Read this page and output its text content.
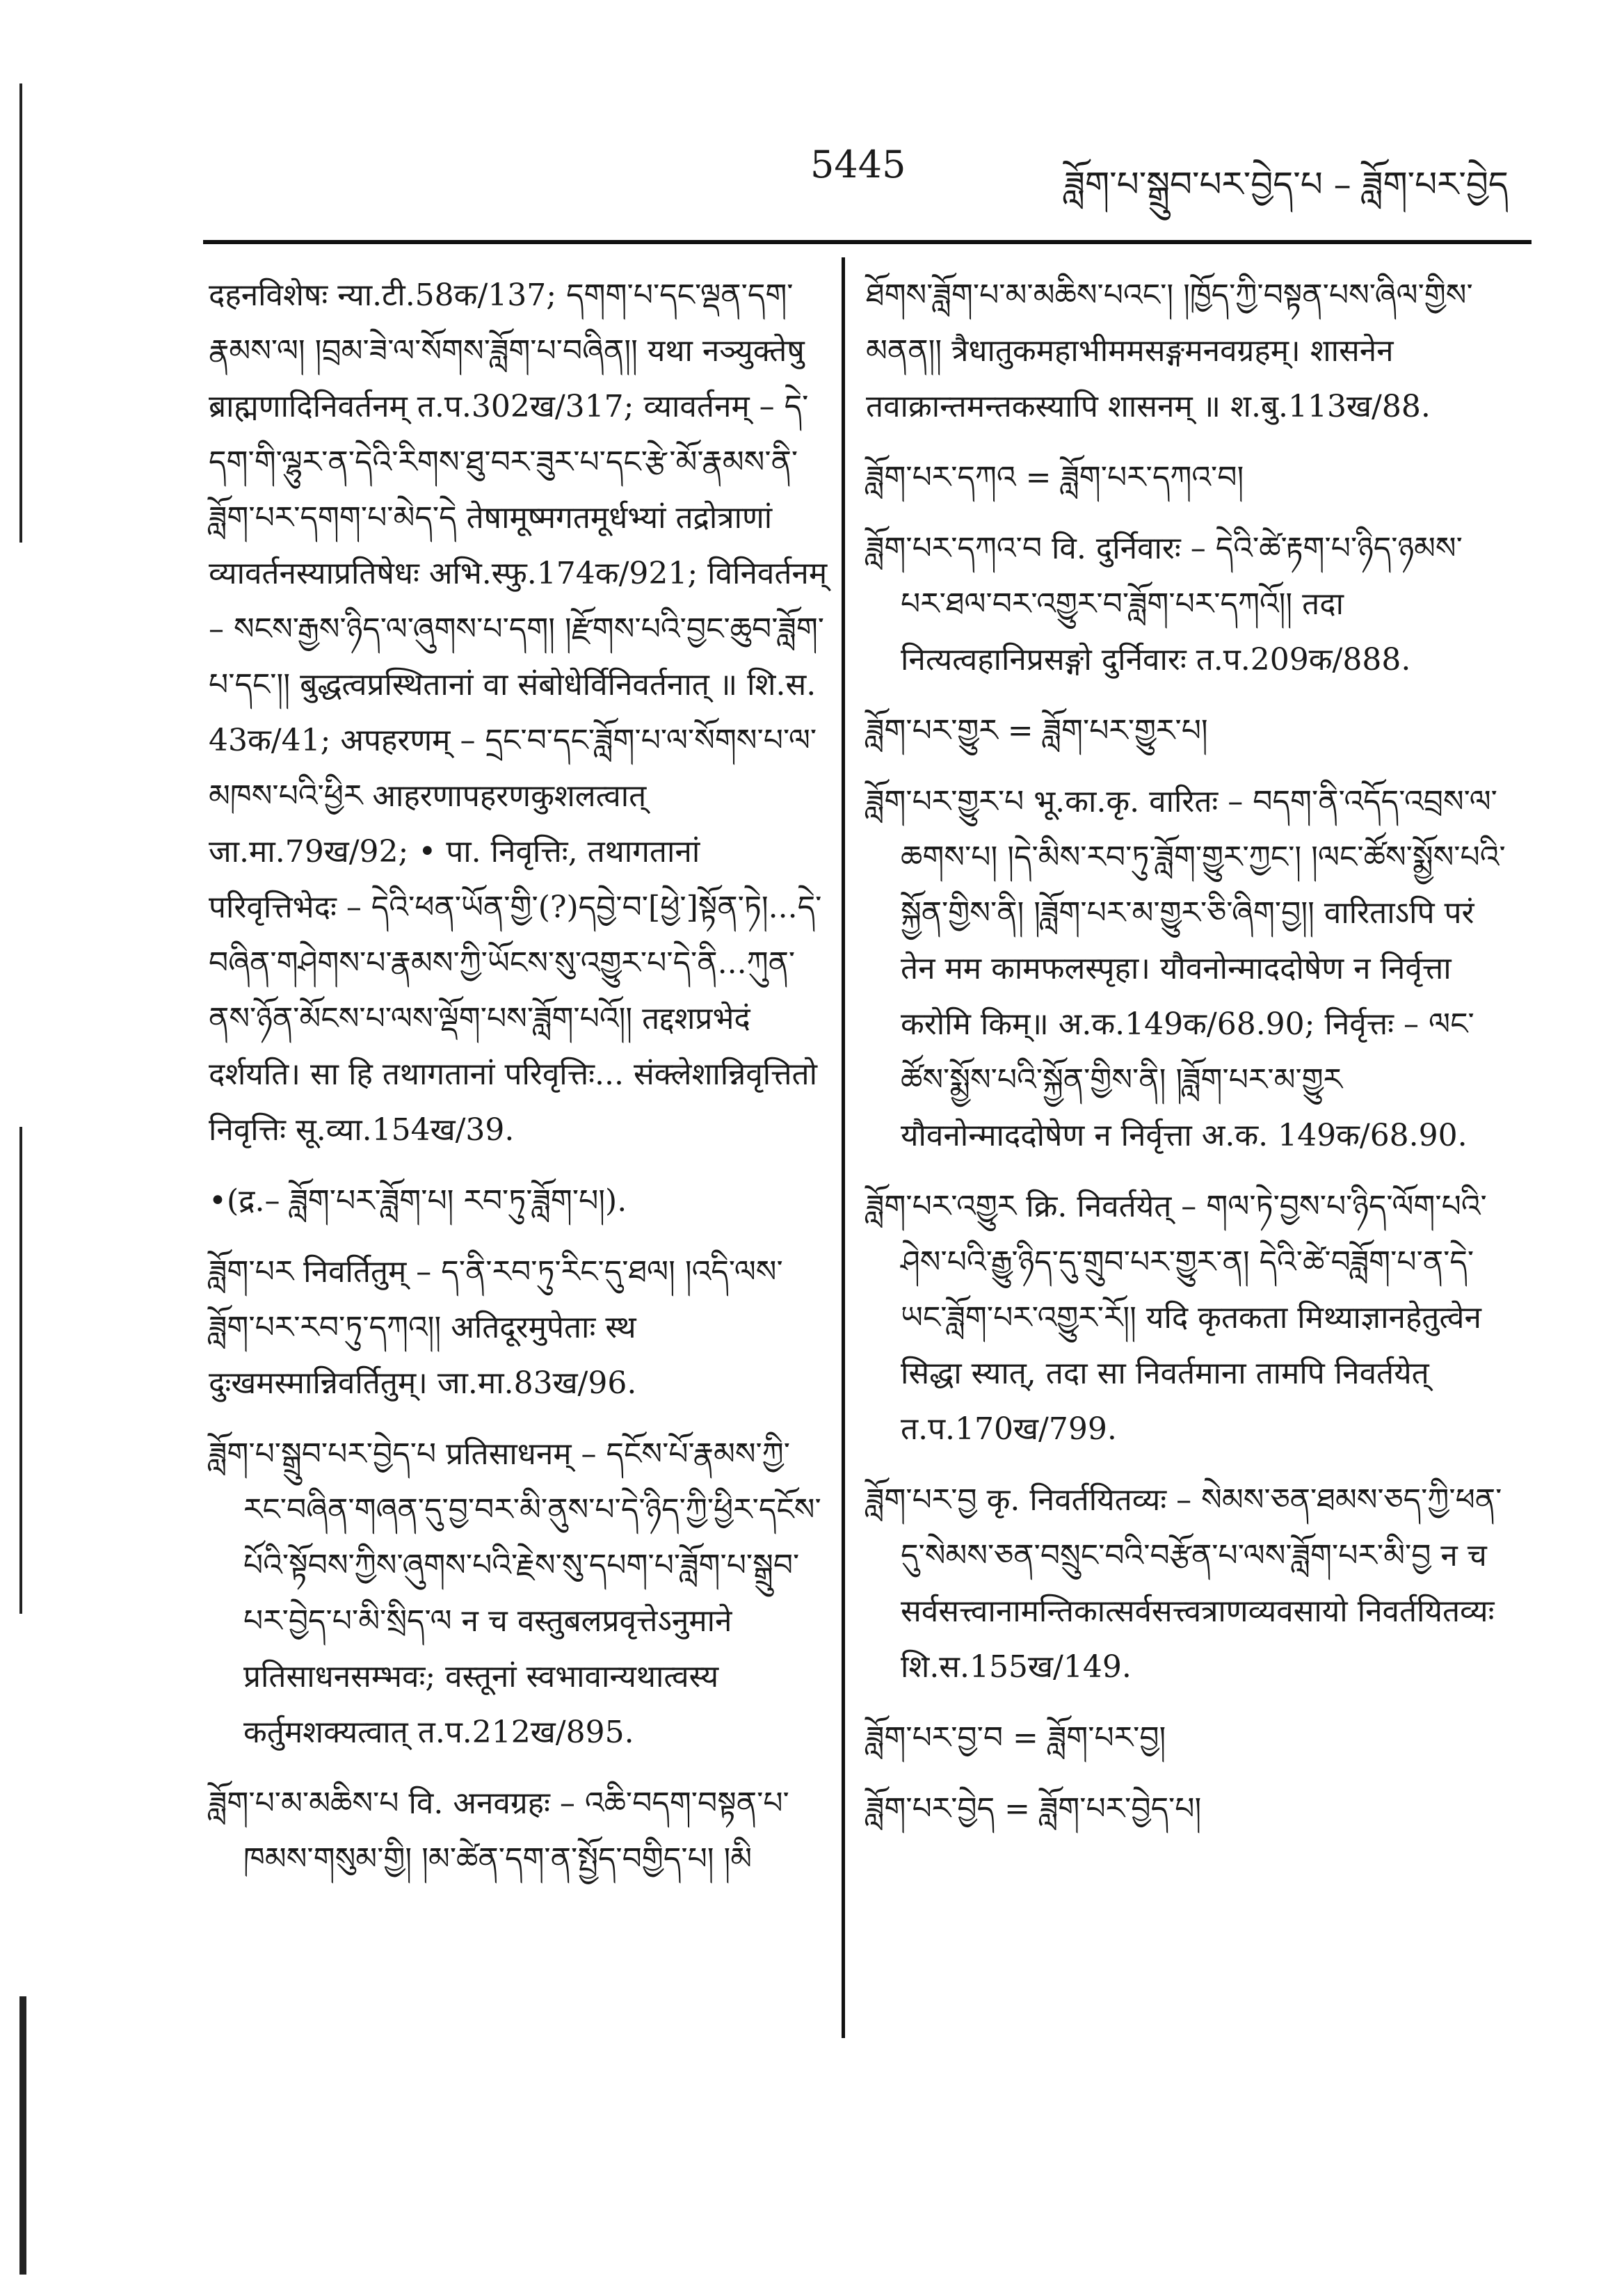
5445	ཟློག་པ་སྒྲུབ་པར་བྱེད་པ – ཟློག་པར་བྱེད

दहनविशेषः न्या.टी.58क/137; དགག་པ་དང་ལྡན་དག་རྣམས་ལ། །བྲམ་ཟེ་ལ་སོགས་ཟློག་པ་བཞིན།། यथा नञ्युक्तेषु ब्राह्मणादिनिवर्तनम् त.प.302ख/317; व्यावर्तनम् – དེ་དག་གི་ལྷུར་ན་དེའི་རིགས་ཐུ་བར་ཟུར་པ་དང་རྩེ་མོ་རྣམས་ནི་ཟློག་པར་དགག་པ་མེད་དེ तेषामूष्मगतमूर्धभ्यां तद्रोत्राणां व्यावर्तनस्याप्रतिषेधः अभि.स्फु.174क/921; विनिवर्तनम् – སངས་རྒྱས་ཉིད་ལ་ཞུགས་པ་དག། །རྫོགས་པའི་བྱང་ཆུབ་ཟློག་པ་དང་།། बुद्धत्वप्रस्थितानां वा संबोधेर्विनिवर्तनात् ॥ शि.स. 43क/41; अपहरणम् – དྲང་བ་དང་ཟློག་པ་ལ་སོགས་པ་ལ་མཁས་པའི་ཕྱིར आहरणापहरणकुशलत्वात् जा.मा.79ख/92; • पा. निवृत्तिः, तथागतानां परिवृत्तिभेदः – དེའི་ཕན་ཡོན་གྱི་(?)དབྱེ་བ་[ཕྱེ་]སྟོན་ཏེ།...དེ་བཞིན་གཤེགས་པ་རྣམས་ཀྱི་ཡོངས་སུ་འགྱུར་པ་དེ་ནི...ཀུན་ནས་ཉོན་མོངས་པ་ལས་ལྡོག་པས་ཟློག་པའོ།། तद्दशप्रभेदं दर्शयति। सा हि तथागतानां परिवृत्तिः... संक्लेशान्निवृत्तितो निवृत्तिः सू.व्या.154ख/39.

•(द्र.– ཟློག་པར་ཟློག་པ། རབ་ཏུ་ཟློག་པ།).

ཟློག་པར निवर्तितुम् – ད་ནི་རབ་ཏུ་རིང་དུ་ཐལ། །འདི་ལས་ཟློག་པར་རབ་ཏུ་དཀའ།། अतिदूरमुपेताः स्थ दुःखमस्मान्निवर्तितुम्। जा.मा.83ख/96.

ཟློག་པ་སྒྲུབ་པར་བྱེད་པ प्रतिसाधनम् – དངོས་པོ་རྣམས་ཀྱི་རང་བཞིན་གཞན་དུ་བྱ་བར་མི་ནུས་པ་དེ་ཉིད་ཀྱི་ཕྱིར་དངོས་པོའི་སྟོབས་ཀྱིས་ཞུགས་པའི་རྗེས་སུ་དཔག་པ་ཟློག་པ་སྒྲུབ་པར་བྱེད་པ་མི་སྲིད་ལ न च वस्तुबलप्रवृत्तेऽनुमाने प्रतिसाधनसम्भवः; वस्तूनां स्वभावान्यथात्वस्य कर्तुमशक्यत्वात् त.प.212ख/895.

ཟློག་པ་མ་མཆིས་པ वि. अनवग्रहः – འཆི་བདག་བསྟན་པ་ཁམས་གསུམ་གྱི། །མ་ཚེན་དག་ན་སྤྱོད་བགྱིད་པ། །མི

ཐོགས་ཟློག་པ་མ་མཆིས་པའང་། །ཁྱོད་ཀྱི་བསྟན་པས་ཞིལ་གྱིས་མནན།། त्रैधातुकमहाभीममसङ्गमनवग्रहम्। शासनेन तवाक्रान्तमन्तकस्यापि शासनम् ॥ श.बु.113ख/88.

ཟློག་པར་དཀའ = ཟློག་པར་དཀའ་བ།

ཟློག་པར་དཀའ་བ वि. दुर्निवारः – དེའི་ཚེ་རྟག་པ་ཉིད་ཉམས་པར་ཐལ་བར་འགྱུར་བ་ཟློག་པར་དཀའོ།། तदा नित्यत्वहानिप्रसङ्गो दुर्निवारः त.प.209क/888.

ཟློག་པར་གྱུར = ཟློག་པར་གྱུར་པ།

ཟློག་པར་གྱུར་པ भू.का.कृ. वारितः – བདག་ནི་འདོད་འབྲས་ལ་ཆགས་པ། །དེ་མིས་རབ་ཏུ་ཟློག་གྱུར་ཀྱང་། །ལང་ཚོས་སྨྱོས་པའི་སྐྱོན་གྱིས་ནི། །ཟློག་པར་མ་གྱུར་ཅི་ཞིག་བྱ།། वारिताऽपि परं तेन मम कामफलस्पृहा। यौवनोन्माददोषेण न निर्वृत्ता करोमि किम्॥ अ.क.149क/68.90; निर्वृत्तः – ལང་ཚོས་སྨྱོས་པའི་སྐྱོན་གྱིས་ནི། །ཟློག་པར་མ་གྱུར यौवनोन्माददोषेण न निर्वृत्ता अ.क. 149क/68.90.

ཟློག་པར་འགྱུར क्रि. निवर्तयेत् – གལ་ཏེ་བྱས་པ་ཉིད་ལོག་པའི་ཤེས་པའི་རྒྱུ་ཉིད་དུ་གྲུབ་པར་གྱུར་ན། དེའི་ཚེ་བཟློག་པ་ན་དེ་ཡང་ཟློག་པར་འགྱུར་རོ།། यदि कृतकता मिथ्याज्ञानहेतुत्वेन सिद्धा स्यात्, तदा सा निवर्तमाना तामपि निवर्तयेत् त.प.170ख/799.

ཟློག་པར་བྱ कृ. निवर्तयितव्यः – སེམས་ཅན་ཐམས་ཅད་ཀྱི་ཕན་དུ་སེམས་ཅན་བསྲུང་བའི་བརྩོན་པ་ལས་ཟློག་པར་མི་བྱ न च सर्वसत्त्वानामन्तिकात्सर्वसत्त्वत्राणव्यवसायो निवर्तयितव्यः शि.स.155ख/149.

ཟློག་པར་བྱ་བ = ཟློག་པར་བྱ།

ཟློག་པར་བྱེད = ཟློག་པར་བྱེད་པ།
